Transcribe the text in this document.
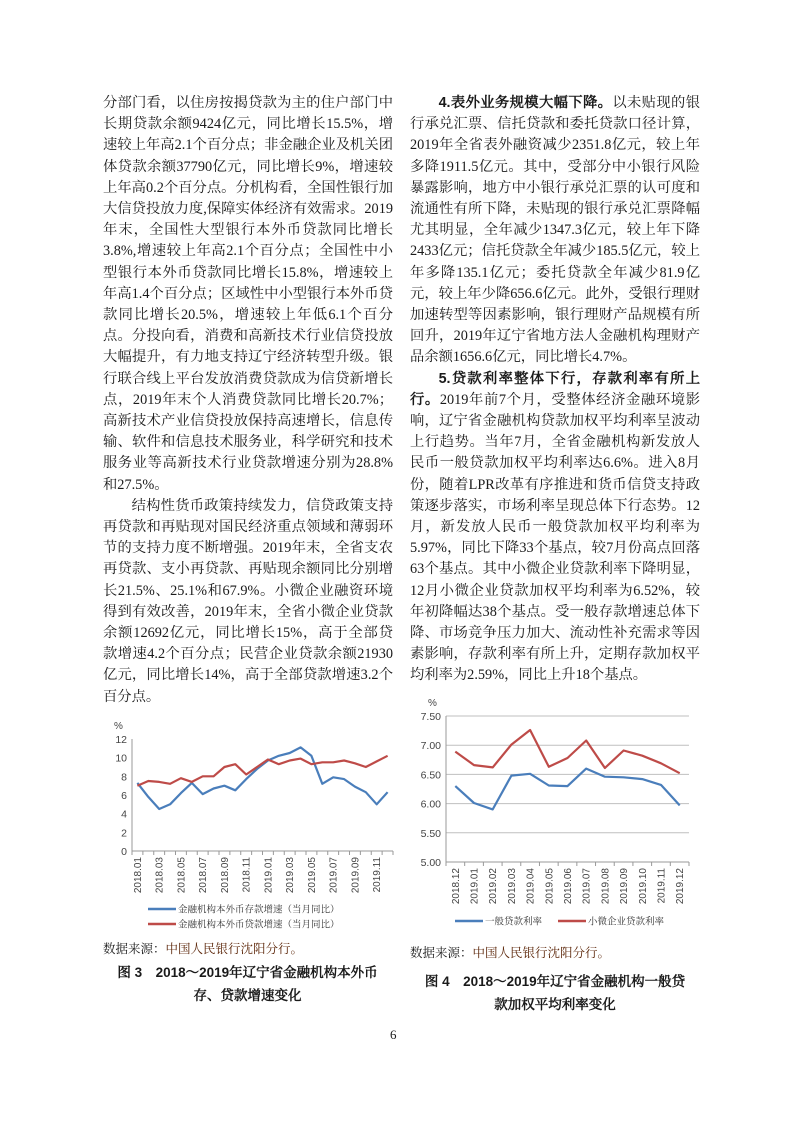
分部门看，以住房按揭贷款为主的住户部门中长期贷款余额9424亿元，同比增长15.5%，增速较上年高2.1个百分点；非金融企业及机关团体贷款余额37790亿元，同比增长9%，增速较上年高0.2个百分点。分机构看，全国性银行加大信贷投放力度,保障实体经济有效需求。2019年末，全国性大型银行本外币贷款同比增长3.8%,增速较上年高2.1个百分点；全国性中小型银行本外币贷款同比增长15.8%，增速较上年高1.4个百分点；区域性中小型银行本外币贷款同比增长20.5%，增速较上年低6.1个百分点。分投向看，消费和高新技术行业信贷投放大幅提升，有力地支持辽宁经济转型升级。银行联合线上平台发放消费贷款成为信贷新增长点，2019年末个人消费贷款同比增长20.7%；高新技术产业信贷投放保持高速增长，信息传输、软件和信息技术服务业，科学研究和技术服务业等高新技术行业贷款增速分别为28.8%和27.5%。

结构性货币政策持续发力，信贷政策支持再贷款和再贴现对国民经济重点领域和薄弱环节的支持力度不断增强。2019年末，全省支农再贷款、支小再贷款、再贴现余额同比分别增长21.5%、25.1%和67.9%。小微企业融资环境得到有效改善，2019年末，全省小微企业贷款余额12692亿元，同比增长15%，高于全部贷款增速4.2个百分点；民营企业贷款余额21930亿元，同比增长14%，高于全部贷款增速3.2个百分点。

4.表外业务规模大幅下降。以未贴现的银行承兑汇票、信托贷款和委托贷款口径计算，2019年全省表外融资减少2351.8亿元，较上年多降1911.5亿元。其中，受部分中小银行风险暴露影响，地方中小银行承兑汇票的认可度和流通性有所下降，未贴现的银行承兑汇票降幅尤其明显，全年减少1347.3亿元，较上年下降2433亿元；信托贷款全年减少185.5亿元，较上年多降135.1亿元；委托贷款全年减少81.9亿元，较上年少降656.6亿元。此外，受银行理财加速转型等因素影响，银行理财产品规模有所回升，2019年辽宁省地方法人金融机构理财产品余额1656.6亿元，同比增长4.7%。

5.贷款利率整体下行，存款利率有所上行。2019年前7个月，受整体经济金融环境影响，辽宁省金融机构贷款加权平均利率呈波动上行趋势。当年7月，全省金融机构新发放人民币一般贷款加权平均利率达6.6%。进入8月份，随着LPR改革有序推进和货币信贷支持政策逐步落实，市场利率呈现总体下行态势。12月，新发放人民币一般贷款加权平均利率为5.97%，同比下降33个基点，较7月份高点回落63个基点。其中小微企业贷款利率下降明显，12月小微企业贷款加权平均利率为6.52%，较年初降幅达38个基点。受一般存款增速总体下降、市场竞争压力加大、流动性补充需求等因素影响，存款利率有所上升，定期存款加权平均利率为2.59%，同比上升18个基点。

%
0
2
4
6
8
10
12
2018.01 2018.03 2018.05 2018.07 2018.09 2018.11 2019.01 2019.03 2019.05 2019.07 2019.09 2019.11
金融机构本外币存款增速（当月同比）
金融机构本外币贷款增速（当月同比）
数据来源：中国人民银行沈阳分行。
图 3　2018～2019年辽宁省金融机构本外币
存、贷款增速变化
%
5.00
5.50
6.00
6.50
7.00
7.50
2018.12 2019.01 2019.02 2019.03 2019.04 2019.05 2019.06 2019.07 2019.08 2019.09 2019.10 2019.11 2019.12
一般贷款利率	小微企业贷款利率
数据来源：中国人民银行沈阳分行。
图 4　2018～2019年辽宁省金融机构一般贷
款加权平均利率变化
6
